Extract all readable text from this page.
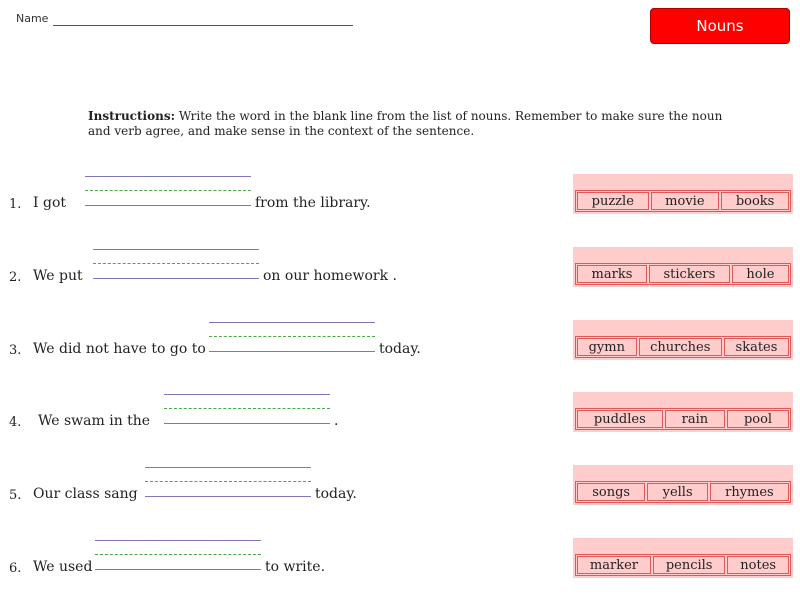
Name	Nouns
Instructions: Write the word in the blank line from the list of nouns. Remember to make sure the noun and verb agree, and make sense in the context of the sentence.
1. I got	from the library.	puzzle	movie	books
2. We put	on our homework .	marks	stickers	hole
3. We did not have to go to	today.	gymn	churches	skates
4. We swam in the	.	puddles	rain	pool
5. Our class sang	today.	songs	yells	rhymes
6. We used	to write.	marker	pencils	notes
